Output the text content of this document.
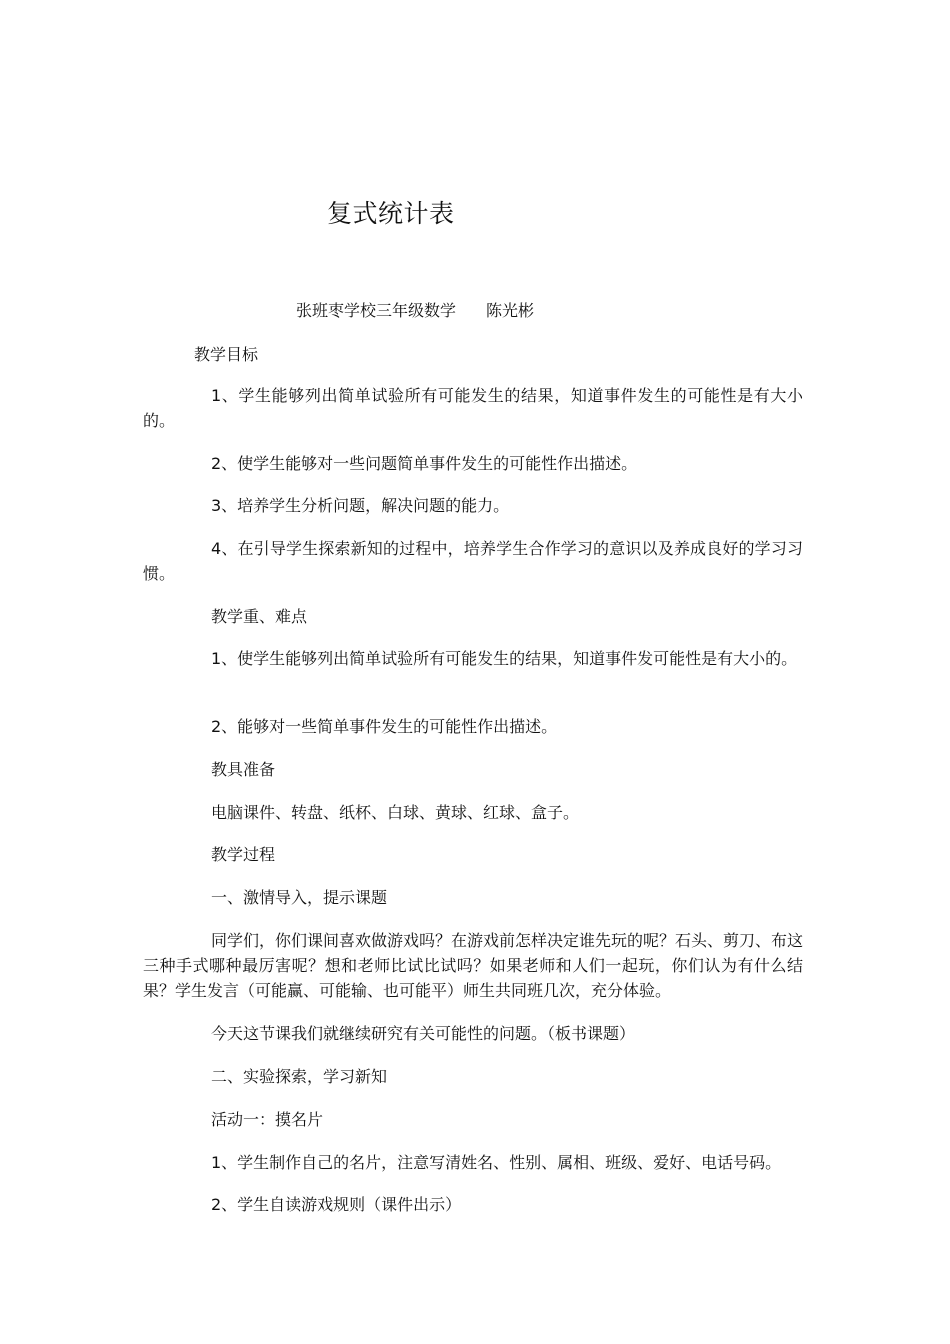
复式统计表
张班枣学校三年级数学 陈光彬
教学目标
1、学生能够列出简单试验所有可能发生的结果，知道事件发生的可能性是有大小的。
2、使学生能够对一些问题简单事件发生的可能性作出描述。
3、培养学生分析问题，解决问题的能力。
4、在引导学生探索新知的过程中，培养学生合作学习的意识以及养成良好的学习习惯。
教学重、难点
1、使学生能够列出简单试验所有可能发生的结果，知道事件发可能性是有大小的。
2、能够对一些简单事件发生的可能性作出描述。
教具准备
电脑课件、转盘、纸杯、白球、黄球、红球、盒子。
教学过程
一、激情导入，提示课题
同学们，你们课间喜欢做游戏吗？在游戏前怎样决定谁先玩的呢？石头、剪刀、布这三种手式哪种最厉害呢？想和老师比试比试吗？如果老师和人们一起玩，你们认为有什么结果？学生发言（可能赢、可能输、也可能平）师生共同班几次，充分体验。
今天这节课我们就继续研究有关可能性的问题。（板书课题）
二、实验探索，学习新知
活动一：摸名片
1、学生制作自己的名片，注意写清姓名、性别、属相、班级、爱好、电话号码。
2、学生自读游戏规则（课件出示）
